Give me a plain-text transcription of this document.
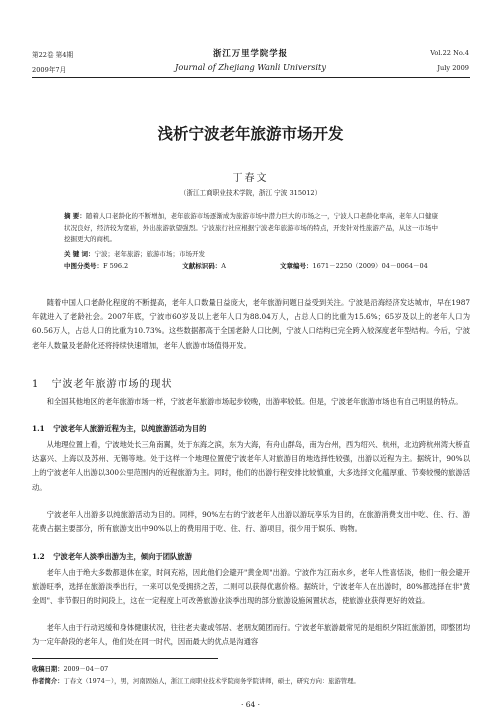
第22卷 第4期
2009年7月
浙江万里学院学报
Journal of Zhejiang Wanli University
Vol.22 No.4
July 2009
浅析宁波老年旅游市场开发
丁春文
（浙江工商职业技术学院，浙江 宁波 315012）
摘 要：随着人口老龄化的不断增加，老年旅游市场逐渐成为旅游市场中潜力巨大的市场之一，宁波人口老龄化率高，老年人口健康状况良好，经济较为宽裕，外出旅游欲望强烈。宁波旅行社应根据宁波老年旅游市场的特点，开发针对性旅游产品，从这一市场中挖掘更大的商机。
关 键 词：宁波；老年旅游；旅游市场；市场开发
中图分类号：F 596.2	文献标识码：A	文章编号：1671－2250（2009）04－0064－04
随着中国人口老龄化程度的不断提高，老年人口数量日益庞大，老年旅游问题日益受到关注。宁波是沿海经济发达城市，早在1987年就进入了老龄社会。2007年底，宁波市60岁及以上老年人口为88.04万人，占总人口的比重为15.6%；65岁及以上的老年人口为60.56万人，占总人口的比重为10.73%。这些数据都高于全国老龄人口比例，宁波人口结构已完全跨入较深度老年型结构。今后，宁波老年人数量及老龄化还将持续快速增加，老年人旅游市场值得开发。
1 宁波老年旅游市场的现状
和全国其他地区的老年旅游市场一样，宁波老年旅游市场起步较晚，出游率较低。但是，宁波老年旅游市场也有自己明显的特点。
1.1 宁波老年人旅游近程为主，以纯旅游活动为目的
从地理位置上看，宁波地处长三角南翼，处于东海之滨，东为大海，有舟山群岛，南为台州，西为绍兴、杭州，北边跨杭州湾大桥直达嘉兴、上海以及苏州、无锡等地。处于这样一个地理位置使宁波老年人对旅游目的地选择性较强，出游以近程为主。据统计，90%以上的宁波老年人出游以300公里范围内的近程旅游为主。同时，他们的出游行程安排比较慎重，大多选择文化蕴厚重、节奏较慢的旅游活动。
宁波老年人出游多以纯旅游活动为目的。同样，90%左右的宁波老年人出游以游玩享乐为目的，在旅游消费支出中吃、住、行、游花费占据主要部分，所有旅游支出中90%以上的费用用于吃、住、行、游项目，很少用于娱乐、购物。
1.2 宁波老年人淡季出游为主，倾向于团队旅游
老年人由于绝大多数都退休在家，时间充裕，因此他们会避开"黄金周"出游。宁波作为江南水乡，老年人性喜恬淡，他们一般会避开旅游旺季，选择在旅游淡季出行，一来可以免受拥挤之苦，二则可以获得优惠价格。据统计，宁波老年人在出游时，80%都选择在非"黄金周"、非节假日的时间段上，这在一定程度上可改善旅游业淡季出现的部分旅游设施闲置状态，使旅游业获得更好的效益。
老年人由于行动迟缓和身体健康状况，往往老夫妻或邻居、老朋友随团而行。宁波老年旅游最常见的是组织夕阳红旅游团，即整团均为一定年龄段的老年人，他们处在同一时代，因而最大的优点是沟通容
收稿日期：2009－04－07
作者简介：丁春文（1974－），男，河南固始人，浙江工商职业技术学院商务学院讲师，硕士，研究方向：旅游管理。
· 64 ·
